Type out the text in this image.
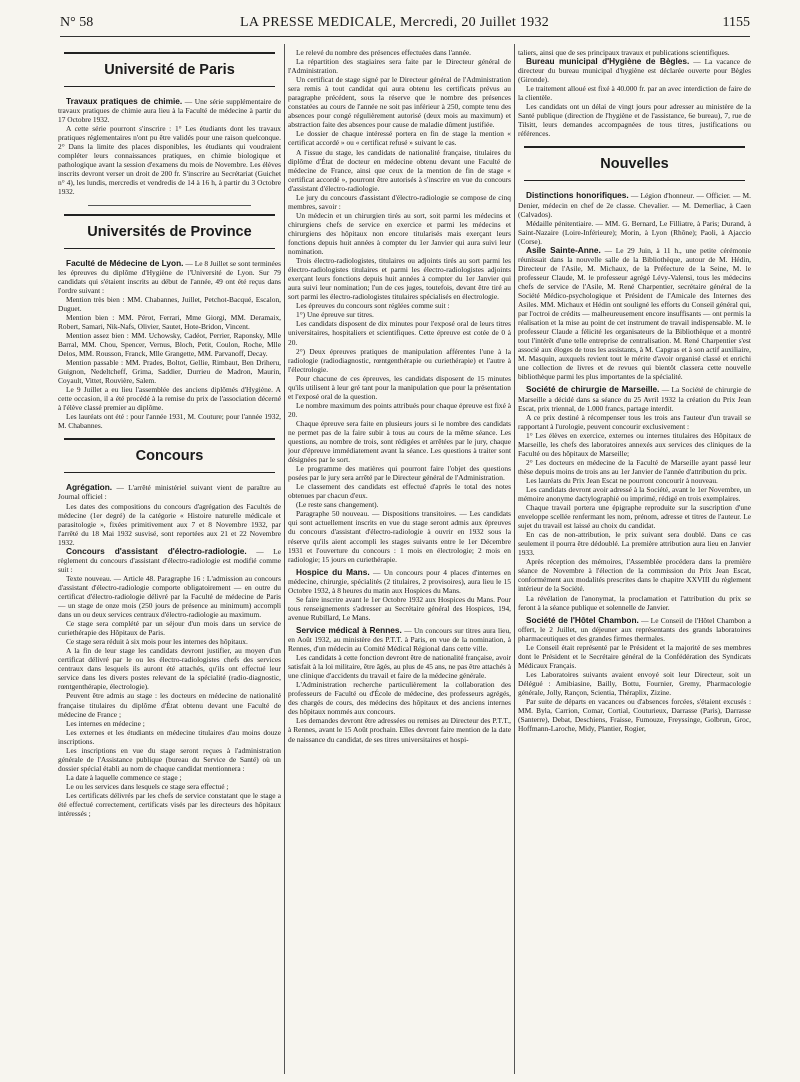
N° 58	LA PRESSE MEDICALE, Mercredi, 20 Juillet 1932	1155
Université de Paris

Travaux pratiques de chimie. — Une série supplémentaire de travaux pratiques de chimie aura lieu à la Faculté de médecine à partir du 17 Octobre 1932.

A cette série pourront s'inscrire : 1° Les étudiants dont les travaux pratiques réglementaires n'ont pu être validés pour une raison quelconque. 2° Dans la limite des places disponibles, les étudiants qui voudraient compléter leurs connaissances pratiques, en chimie biologique et pathologique avant la session d'examens du mois de Novembre. Les élèves inscrits devront verser un droit de 200 fr. S'inscrire au Secrétariat (Guichet n° 4), les lundis, mercredis et vendredis de 14 à 16 h, à partir du 3 Octobre 1932.

Universités de Province

Faculté de Médecine de Lyon. — Le 8 Juillet se sont terminées les épreuves du diplôme d'Hygiène de l'Université de Lyon. Sur 79 candidats qui s'étaient inscrits au début de l'année, 49 ont été reçus dans l'ordre suivant :

Mention très bien : MM. Chabannes, Juillet, Petchot-Bacqué, Escalon, Duguet.

Mention bien : MM. Pérot, Ferrari, Mme Giorgi, MM. Deramaix, Robert, Samari, Nik-Nafs, Olivier, Sautet, Hote-Bridon, Vincent.

Mention assez bien : MM. Uchowsky, Cadéot, Perrier, Raponsky, Mlle Barral, MM. Chou, Spencer, Vernus, Bloch, Petit, Coulon, Roche, Mlle Delos, MM. Rousson, Franck, Mlle Grangette, MM. Parvanoff, Decay.

Mention passable : MM. Prades, Boltot, Gellie, Rimbaut, Ben Driheru, Guignon, Nedeltcheff, Grima, Saddier, Durrieu de Madron, Maurin, Coyault, Vittet, Rouvière, Salem.

Le 9 Juillet a eu lieu l'assemblée des anciens diplômés d'Hygiène. A cette occasion, il a été procédé à la remise du prix de l'association décerné à l'élève classé premier au diplôme.

Les lauréats ont été : pour l'année 1931, M. Couture; pour l'année 1932, M. Chabannes.

Concours

Agrégation. — L'arrêté ministériel suivant vient de paraître au Journal officiel :

Les dates des compositions du concours d'agrégation des Facultés de médecine (1er degré) de la catégorie « Histoire naturelle médicale et parasitologie », fixées primitivement aux 7 et 8 Novembre 1932, par l'arrêté du 18 Mai 1932 susvisé, sont reportées aux 21 et 22 Novembre 1932.

Concours d'assistant d'électro-radiologie. — Le règlement du concours d'assistant d'électro-radiologie est modifié comme suit :

Texte nouveau. — Article 48. Paragraphe 16 : L'admission au concours d'assistant d'électro-radiologie comporte obligatoirement — en outre du certificat d'électro-radiologie délivré par la Faculté de médecine de Paris — un stage de onze mois (250 jours de présence au minimum) accompli dans un ou deux services centraux d'électro-radiologie au maximum.

Ce stage sera complété par un séjour d'un mois dans un service de curiethérapie des Hôpitaux de Paris.

Ce stage sera réduit à six mois pour les internes des hôpitaux.

A la fin de leur stage les candidats devront justifier, au moyen d'un certificat délivré par le ou les électro-radiologistes chefs des services centraux dans lesquels ils auront été attachés, qu'ils ont effectué leur service dans les divers postes relevant de la spécialité (radio-diagnostic, rœntgenthérapie, électrologie).

Peuvent être admis au stage : les docteurs en médecine de nationalité française titulaires du diplôme d'État obtenu devant une Faculté de médecine de France ;

Les internes en médecine ;

Les externes et les étudiants en médecine titulaires d'au moins douze inscriptions.

Les inscriptions en vue du stage seront reçues à l'administration générale de l'Assistance publique (bureau du Service de Santé) où un dossier spécial établi au nom de chaque candidat mentionnera :

La date à laquelle commence ce stage ;

Le ou les services dans lesquels ce stage sera effectué ;

Les certificats délivrés par les chefs de service constatant que le stage a été effectué correctement, certificats visés par les directeurs des hôpitaux intéressés ;

Le relevé du nombre des présences effectuées dans l'année.

La répartition des stagiaires sera faite par le Directeur général de l'Administration.

Un certificat de stage signé par le Directeur général de l'Administration sera remis à tout candidat qui aura obtenu les certificats prévus au paragraphe précédent, sous la réserve que le nombre des présences constatées au cours de l'année ne soit pas inférieur à 250, compte tenu des absences pour congé régulièrement autorisé (deux mois au maximum) et abstraction faite des absences pour cause de maladie dûment justifiée.

Le dossier de chaque intéressé portera en fin de stage la mention « certificat accordé » ou « certificat refusé » suivant le cas.

A l'issue du stage, les candidats de nationalité française, titulaires du diplôme d'État de docteur en médecine obtenu devant une Faculté de médecine de France, ainsi que ceux de la mention de fin de stage « certificat accordé », pourront être autorisés à s'inscrire en vue du concours d'assistant d'électro-radiologie.

Le jury du concours d'assistant d'électro-radiologie se compose de cinq membres, savoir :

Un médecin et un chirurgien tirés au sort, soit parmi les médecins et chirurgiens chefs de service en exercice et parmi les médecins et chirurgiens des hôpitaux non encore titularisés mais exerçant leurs fonctions depuis huit années à compter du 1er Janvier qui aura suivi leur nomination.

Trois électro-radiologistes, titulaires ou adjoints tirés au sort parmi les électro-radiologistes titulaires et parmi les électro-radiologistes adjoints exerçant leurs fonctions depuis huit années à compter du 1er Janvier qui aura suivi leur nomination; l'un de ces juges, toutefois, devant être tiré au sort parmi les électro-radiologistes titulaires spécialisés en électrologie.

Les épreuves du concours sont réglées comme suit :

1°) Une épreuve sur titres.

Les candidats disposent de dix minutes pour l'exposé oral de leurs titres universitaires, hospitaliers et scientifiques. Cette épreuve est cotée de 0 à 20.

2°) Deux épreuves pratiques de manipulation afférentes l'une à la radiologie (radiodiagnostic, rœntgenthérapie ou curiethérapie) et l'autre à l'électrologie.

Pour chacune de ces épreuves, les candidats disposent de 15 minutes qu'ils utilisent à leur gré tant pour la manipulation que pour la présentation et l'exposé oral de la question.

Le nombre maximum des points attribués pour chaque épreuve est fixé à 20.

Chaque épreuve sera faite en plusieurs jours si le nombre des candidats ne permet pas de la faire subir à tous au cours de la même séance. Les questions, au nombre de trois, sont rédigées et arrêtées par le jury, chaque jour d'épreuve immédiatement avant la séance. Les questions à traiter sont désignées par le sort.

Le programme des matières qui pourront faire l'objet des questions posées par le jury sera arrêté par le Directeur général de l'Administration.

Le classement des candidats est effectué d'après le total des notes obtenues par chacun d'eux.

(Le reste sans changement).

Paragraphe 50 nouveau. — Dispositions transitoires. — Les candidats qui sont actuellement inscrits en vue du stage seront admis aux épreuves du concours d'assistant d'électro-radiologie à ouvrir en 1932 sous la réserve qu'ils aient accompli les stages suivants entre le 1er Décembre 1931 et l'ouverture du concours : 1 mois en électrologie; 2 mois en radiologie; 15 jours en curiethérapie.

Hospice du Mans. — Un concours pour 4 places d'internes en médecine, chirurgie, spécialités (2 titulaires, 2 provisoires), aura lieu le 15 Octobre 1932, à 8 heures du matin aux Hospices du Mans.

Se faire inscrire avant le 1er Octobre 1932 aux Hospices du Mans. Pour tous renseignements s'adresser au Secrétaire général des Hospices, 194, avenue Rubillard, Le Mans.

Service médical à Rennes. — Un concours sur titres aura lieu, en Août 1932, au ministère des P.T.T. à Paris, en vue de la nomination, à Rennes, d'un médecin au Comité Médical Régional dans cette ville.

Les candidats à cette fonction devront être de nationalité française, avoir satisfait à la loi militaire, être âgés, au plus de 45 ans, ne pas être attachés à une clinique d'accidents du travail et faire de la médecine générale.

L'Administration recherche particulièrement la collaboration des professeurs de Faculté ou d'École de médecine, des professeurs agrégés, des chargés de cours, des médecins des hôpitaux et des anciens internes des hôpitaux nommés aux concours.

Les demandes devront être adressées ou remises au Directeur des P.T.T., à Rennes, avant le 15 Août prochain. Elles devront faire mention de la date de naissance du candidat, de ses titres universitaires et hospi-

taliers, ainsi que de ses principaux travaux et publications scientifiques.

Bureau municipal d'Hygiène de Bègles. — La vacance de directeur du bureau municipal d'hygiène est déclarée ouverte pour Bègles (Gironde).

Le traitement alloué est fixé à 40.000 fr. par an avec interdiction de faire de la clientèle.

Les candidats ont un délai de vingt jours pour adresser au ministère de la Santé publique (direction de l'hygiène et de l'assistance, 6e bureau), 7, rue de Tilsitt, leurs demandes accompagnées de tous titres, justifications ou références.

Nouvelles

Distinctions honorifiques. — Légion d'honneur. — Officier. — M. Denier, médecin en chef de 2e classe. Chevalier. — M. Demerliac, à Caen (Calvados).

Médaille pénitentiaire. — MM. G. Bernard, Le Filliatre, à Paris; Durand, à Saint-Nazaire (Loire-Inférieure); Morin, à Lyon (Rhône); Paoli, à Ajaccio (Corse).

Asile Sainte-Anne. — Le 29 Juin, à 11 h., une petite cérémonie réunissait dans la nouvelle salle de la Bibliothèque, autour de M. Hédin, Directeur de l'Asile, M. Michaux, de la Préfecture de la Seine, M. le professeur Claude, M. le professeur agrégé Lévy-Valensi, tous les médecins chefs de service de l'Asile, M. René Charpentier, secrétaire général de la Société Médico-psychologique et Président de l'Amicale des Internes des Asiles. MM. Michaux et Hédin ont souligné les efforts du Conseil général qui, par l'octroi de crédits — malheureusement encore insuffisants — ont permis la réalisation et la mise au point de cet instrument de travail indispensable. M. le professeur Claude a félicité les organisateurs de la Bibliothèque et a montré tout l'intérêt d'une telle entreprise de centralisation. M. René Charpentier s'est associé aux éloges de tous les assistants, à M. Capgras et à son actif auxiliaire, M. Masquin, auxquels revient tout le mérite d'avoir organisé classé et enrichi une collection de livres et de revues qui bientôt classera cette nouvelle bibliothèque parmi les plus importantes de la spécialité.

Société de chirurgie de Marseille. — La Société de chirurgie de Marseille a décidé dans sa séance du 25 Avril 1932 la création du Prix Jean Escat, prix triennal, de 1.000 francs, partage interdit.

A ce prix destiné à récompenser tous les trois ans l'auteur d'un travail se rapportant à l'urologie, peuvent concourir exclusivement :

1° Les élèves en exercice, externes ou internes titulaires des Hôpitaux de Marseille, les chefs des laboratoires annexés aux services des cliniques de la Faculté ou des hôpitaux de Marseille;

2° Les docteurs en médecine de la Faculté de Marseille ayant passé leur thèse depuis moins de trois ans au 1er Janvier de l'année d'attribution du prix.

Les lauréats du Prix Jean Escat ne pourront concourir à nouveau.

Les candidats devront avoir adressé à la Société, avant le 1er Novembre, un mémoire anonyme dactylographié ou imprimé, rédigé en trois exemplaires.

Chaque travail portera une épigraphe reproduite sur la suscription d'une enveloppe scellée renfermant les nom, prénom, adresse et titres de l'auteur. Le sujet du travail est laissé au choix du candidat.

En cas de non-attribution, le prix suivant sera doublé. Dans ce cas seulement il pourra être dédoublé. La première attribution aura lieu en Janvier 1933.

Après réception des mémoires, l'Assemblée procédera dans la première séance de Novembre à l'élection de la commission du Prix Jean Escat, conformément aux modalités prescrites dans le chapitre XXVIII du règlement intérieur de la Société.

La révélation de l'anonymat, la proclamation et l'attribution du prix se feront à la séance publique et solennelle de Janvier.

Société de l'Hôtel Chambon. — Le Conseil de l'Hôtel Chambon a offert, le 2 Juillet, un déjeuner aux représentants des grands laboratoires pharmaceutiques et des grandes firmes thermales.

Le Conseil était représenté par le Président et la majorité de ses membres dont le Président et le Secrétaire général de la Confédération des Syndicats Médicaux Français.

Les Laboratoires suivants avaient envoyé soit leur Directeur, soit un Délégué : Amibiasine, Bailly, Bottu, Fournier, Gremy, Pharmacologie générale, Jolly, Rançon, Scientia, Théraplix, Zizine.

Par suite de départs en vacances ou d'absences forcées, s'étaient excusés : MM. Byla, Carrion, Comar, Cortial, Couturieux, Darrasse (Paris), Darrasse (Santerre), Debat, Deschiens, Fraisse, Fumouze, Freyssinge, Golbrun, Groc, Hoffmann-Laroche, Midy, Plantier, Rogier,
